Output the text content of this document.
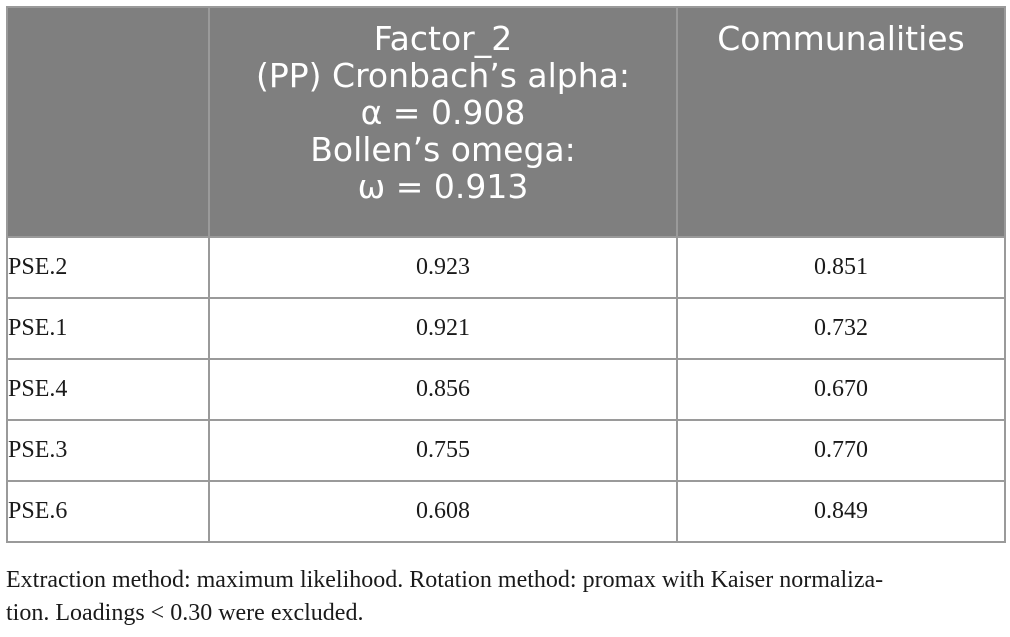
	Factor_2
(PP) Cronbach’s alpha:
α = 0.908
Bollen’s omega:
ω = 0.913	Communalities

PSE.2	0.923	0.851
PSE.1	0.921	0.732
PSE.4	0.856	0.670
PSE.3	0.755	0.770
PSE.6	0.608	0.849
Extraction method: maximum likelihood. Rotation method: promax with Kaiser normaliza-
tion. Loadings < 0.30 were excluded.
